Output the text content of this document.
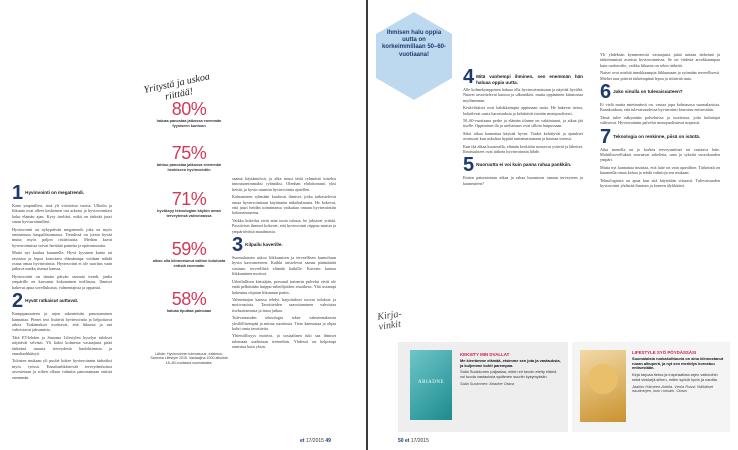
1 Hyvinvointi on megatrendi.

Kano ympärillesi, sinä yli viisitoista vuotta. Ulkoilu ja liikunta ovat olleet keskeinen osa arkeasi ja hyvinvointiasi koko elämän ajan. Kysy itseltäsi, mikä on tärkeää juuri sinun hyvinvoinnillesi.

Hyvinvointi on nykypäivän megatrendi, joka on myös ominaisuus kaupallistumassa. Trendissä on jotain hyvää mutta myös paljon ristiriitaista. Median kuvat hyvinvoinnista voivat herättää paineita ja epävarmuutta.

Mutta nyt kuuluu kuunnella. Hyvä fyysinen kunto tai ravintoa ja lepoa korostava elämäntapa voidaan nähdä osana omaa hyvinvointia. Hyvinvointi ei ole suoritus vaan jatkuva matka itsensä kanssa.

Hyvinvointi on tämän päivän sanonta trendi, jonka ympärille on kasvanut kokonainen teollisuus. Ihmiset hakevat apua sovelluksista, valmentajista ja oppaista.

2 Hyvät ratkaisut auttavat.

Kumppanuuteen ja arjen rakenteisiin panostaminen kannattaa. Pienet teot lisäävät hyvinvointia ja helpottavat arkea. Tutkimukset osoittavat, että liikunta ja uni vahvistavat jaksamista.

Tätä ET-lehden ja Sanoma Lifestylen kyselyn tulokset näyttävät selvästi. Yli kaksi kolmesta vastaajasta pitää tärkeänä omasta terveydestä huolehtimista ja ennaltaehkäisyä.

Tulosten mukaan yli puolet kokee hyvinvoinnin tärkeäksi myös työssä. Ennaltaehkäisevää terveydenhoitoa arvostetaan ja siihen ollaan valmiita panostamaan entistä enemmän.

Yritystä ja uskoa riittää!
80%
haluaa panostaa jatkossa enemmän fyysiseen kuntoon
75%
tahtoo panostaa jatkossa enemmän henkiseen hyvinvointiin
71%
hyväksyy teknologian käytön oman terveytensä valvonnassa
59%
aikoo olla kiinnostunut valtion kulutusta entistä enemmän
58%
haluaa tiputtaa painoaan
Lähde: Hyvinvoinnin tulevaisuus -tutkimus, Sanoma Lifestyle 2015. Vastaajina 1000 aikuista 18–80-vuotiasta suomalaista.

saanut käytännössä, ja alka nousi tästä ryhmästä toiseksi innostuneimmaksi ryhmäksi. Olenhan ehdottomasti yksi heistä, ja hyvin ruumiin hyvinvointia ajatellen.

Kolmanteen ryhmään kuuluvat ihmiset, jotka tarkastelevat omaa hyvinvointiaan käytännön näkökulmasta. He kokevat, että juuri heidän toimintansa vaikuttaa omaan hyvinvointiin kokonaisuutena.

Vaikka kokeilut eivät aina tuota tulosta, he jaksavat yrittää. Passiiviset ihmiset kokevat, että hyvinvointi riippuu muista ja ympäröivästä maailmasta.

3 Kilpailu kaverille.

Suomalaisten uskoo liikkumisen ja terveellisen kuntoiluun hyvin kasvaneeseen. Kaikki taistelevat samaa päämäärää vastaan: terveellistä elämää kaikille. Kaverin kanssa liikkuminen motivoi.

Urheilullisen kiristäjän, personal trainerin palvelut eivät ole enää pelkästään huippu-urheilijoiden etuoikeus. Yhä useampi hakeutuu ohjatun liikunnan pariin.

Valmentajan kanssa tehdyt harjoitukset tuovat tuloksia ja motivaatiota. Tavoitteiden saavuttaminen vahvistaa itseluottamusta ja intoa jatkaa.

Tulevaisuuden teknologia tekee valmennuksesta yksilöllisempää ja mittaa suoritusta. Tieto kannustaa ja ohjaa kohti omia tavoitteita.

Yhteisöllisyys motivoi, ja sosiaalinen tuki saa ihmiset tulemaan uudestaan treeneihin. Yhdessä on helpompi onnistua kuin yksin.

et 17/2015 49
Ihmisen halu oppia uutta on korkeimmillaan 50–60-vuotiaana!
4 Mitä vanhempi ihminen, sen enemmän hän haluaa oppia uutta.

Alle kolmekymppinen haluaa olla hyvinvoinnissaan ja näyttää hyvältä. Nuoret tavoittelevat kuntoa ja ulkonäköä, mutta oppiminen kiinnostaa myöhemmin.

Keski-ikäiset ovat halukkaimpia oppimaan uutta. He hakevat tietoa, kokeilevat uusia harrastuksia ja kehittävät itseään monipuolisesti.

50–60-vuotiaana perhe ja elämän tilanne on vakiintunut, ja aikaa jää itselle. Oppimisen ilo ja uteliaisuus ovat silloin huipussaan.

Siksi aikaa kannattaa käyttää hyvin. Taidot kehittyvät ja ajatukset avartuvat kun uskaltaa hypätä tuntemattomaan ja haastaa itsensä.

Kun ikä alkaa kuutosella, elämän keskiöön nousevat ystävät ja läheiset. Ihmissuhteet ovat tärkein hyvinvoinnin lähde.

5 Nuoruutta ei voi kuin panna rahaa pankkiin.

Eniten painostetaan aikaa ja rahaa huomioon omaan terveyteen ja kauneuteen?

Yli yhdeksän kymmenestä vastaajasta pitää uniaan tärkeänä ja tärkeimmistä asioista hyvinvoinnissa. Se on viidettä arvokkaampaa kuin ruokavalio, vaikka liikunta on sekin tärkeää.

Naiset ovat miehiä innokkaampia liikkumaan ja syömään terveellisesti. Miehet taas pitävät tärkeimpänä lepoa ja riittävää unta.

6 Jako sinulla on tulevaisuuteen?

Ei vielä mutta mietinnässä on, vastaa jopa kolmasosa suomalaisista. Ennakoidaan, että tulevaisuudessa hyvinvointi korostuu entisestään.

Tämä tulee näkymään palveluissa ja tuotteissa, joita kuluttajat valitsevat. Hyvinvoinnin palvelut monipuolistuvat nopeasti.

7 Teknologia on renkinne, piisä on isäntä.

Aika monella on jo korkea terveysmittari tai vastaava laite. Mobiilisovellukset seuraavat askeleita, unta ja sykettä vuorokauden ympäri.

Mutta nyt kannattaa muistaa, että laite on vain apuväline. Tärkeintä on kuunnella omaa kehoa ja tehdä valintoja sen mukaan.

Teknologiasta on apua kun sitä käytetään viisaasti. Tulevaisuuden hyvinvointi yhdistää ihmisen ja koneen älykkäästi.

Kirja-vinkit
ARIADNE
KEKSITY MIN DVALLAT
Me kierrämme elämää, etsimme sen jota ja vastauksia, ja kuljemme kohti parempaa.
Salla Suokkonen paljastaa, miten eri tavoin eletty elämä voi tuoda vastauksia sydämen suuriin kysymyksiin.
Salla Suokonen: Ariadne Otava
LIFESTYLE SYÖ PÖYDÄSSÄSI
Suomalaista ruokakulttuuria on aina kiinnostanut ruoan alkuperä, ja nyt sen merkitys korostuu entisestään.
Kirja tarjoaa tietoa ja inspiraatiota arjen valintoihin sekä vinkkejä siihen, miten syödä hyvin ja nauttia.
Jaakko Hämeen-Anttila, Venla Rossi: Nälkäiset nautintojen, kuin runsain. Otava
50 et 17/2015
